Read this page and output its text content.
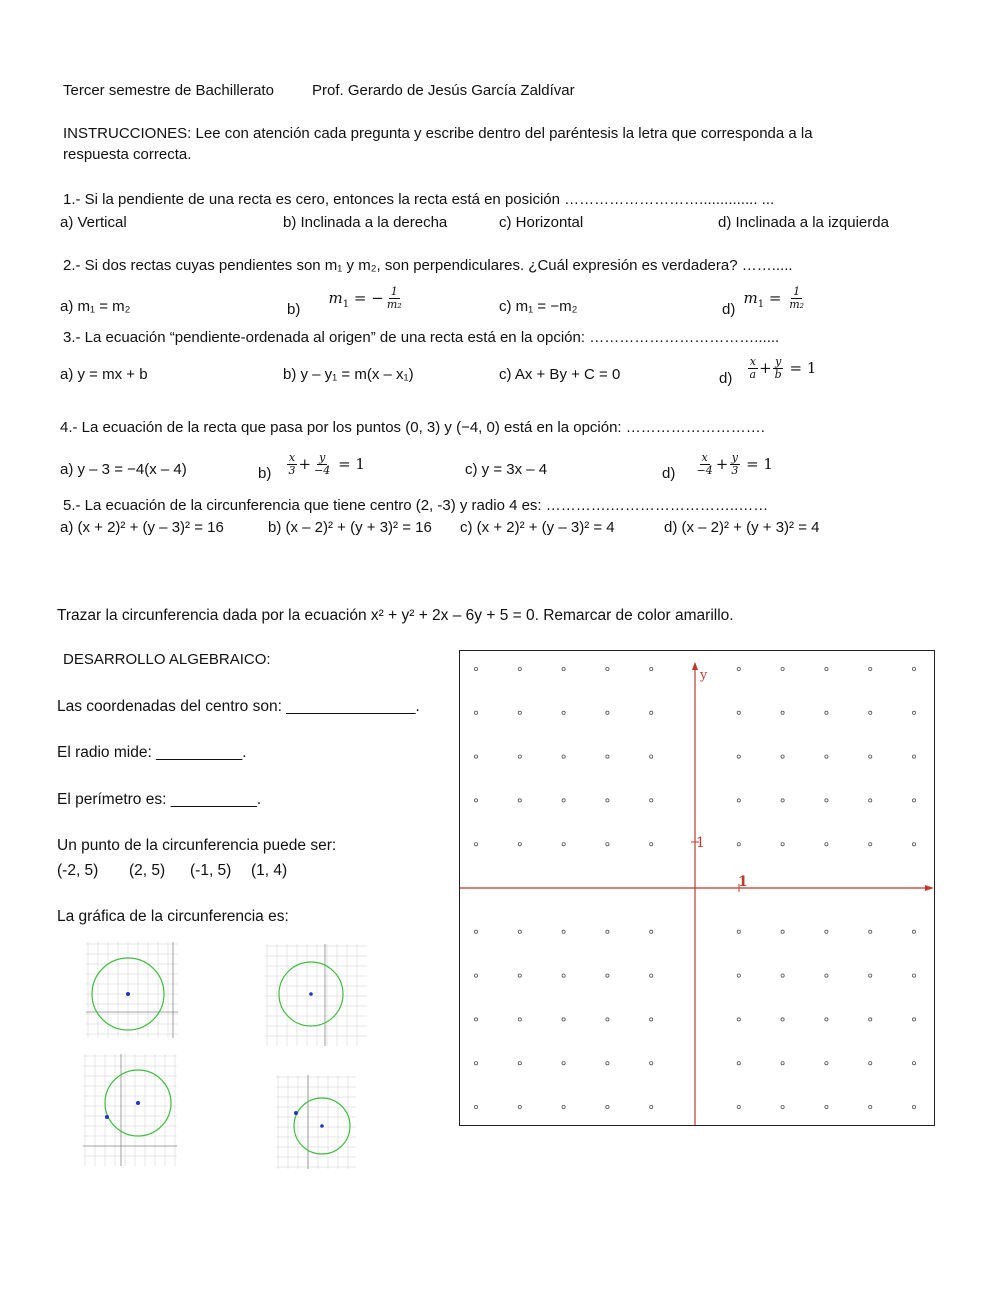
Tercer semestre de Bachillerato	Prof. Gerardo de Jesús García Zaldívar
INSTRUCCIONES: Lee con atención cada pregunta y escribe dentro del paréntesis la letra que corresponda a la
respuesta correcta.
1.- Si la pendiente de una recta es cero, entonces la recta está en posición ……………………….............. ...
a) Vertical	b) Inclinada a la derecha	c) Horizontal	d) Inclinada a la izquierda
2.- Si dos rectas cuyas pendientes son m₁ y m₂, son perpendiculares. ¿Cuál expresión es verdadera? …….....
a) m₁ = m₂	b) $m_1$ = − $\frac{1}{\text{m₂}}$	c) m₁ = −m₂	d) $m_1 = \frac{1}{\text{m₂}}$
3.- La ecuación “pendiente-ordenada al origen” de una recta está en la opción: ……………………………......
a) y = mx + b	b) y – y₁ = m(x – x₁)	c) Ax + By + C = 0	$d) \frac{x}{a} + \frac{y}{b} = 1$
4.- La ecuación de la recta que pasa por los puntos (0, 3) y (−4, 0) está en la opción: ……………………….
a) y – 3 = −4(x – 4)	$b) \frac{x}{3} + \frac{y}{-4} = 1$	c) y = 3x – 4	$d) \frac{x}{-4} + \frac{y}{3} = 1$
5.- La ecuación de la circunferencia que tiene centro (2, -3) y radio 4 es: ………….……………………..……
a) (x + 2)² + (y – 3)² = 16	b) (x – 2)² + (y + 3)² = 16 c) (x + 2)² + (y – 3)² = 4	d) (x – 2)² + (y + 3)² = 4
Trazar la circunferencia dada por la ecuación x² + y² + 2x – 6y + 5 = 0. Remarcar de color amarillo.
DESARROLLO ALGEBRAICO:
Las coordenadas del centro son: _______________.
El radio mide: __________.
El perímetro es: __________.
Un punto de la circunferencia puede ser:
(-2, 5) (2, 5) (-1, 5) (1, 4)
La gráfica de la circunferencia es:
y
1
1
